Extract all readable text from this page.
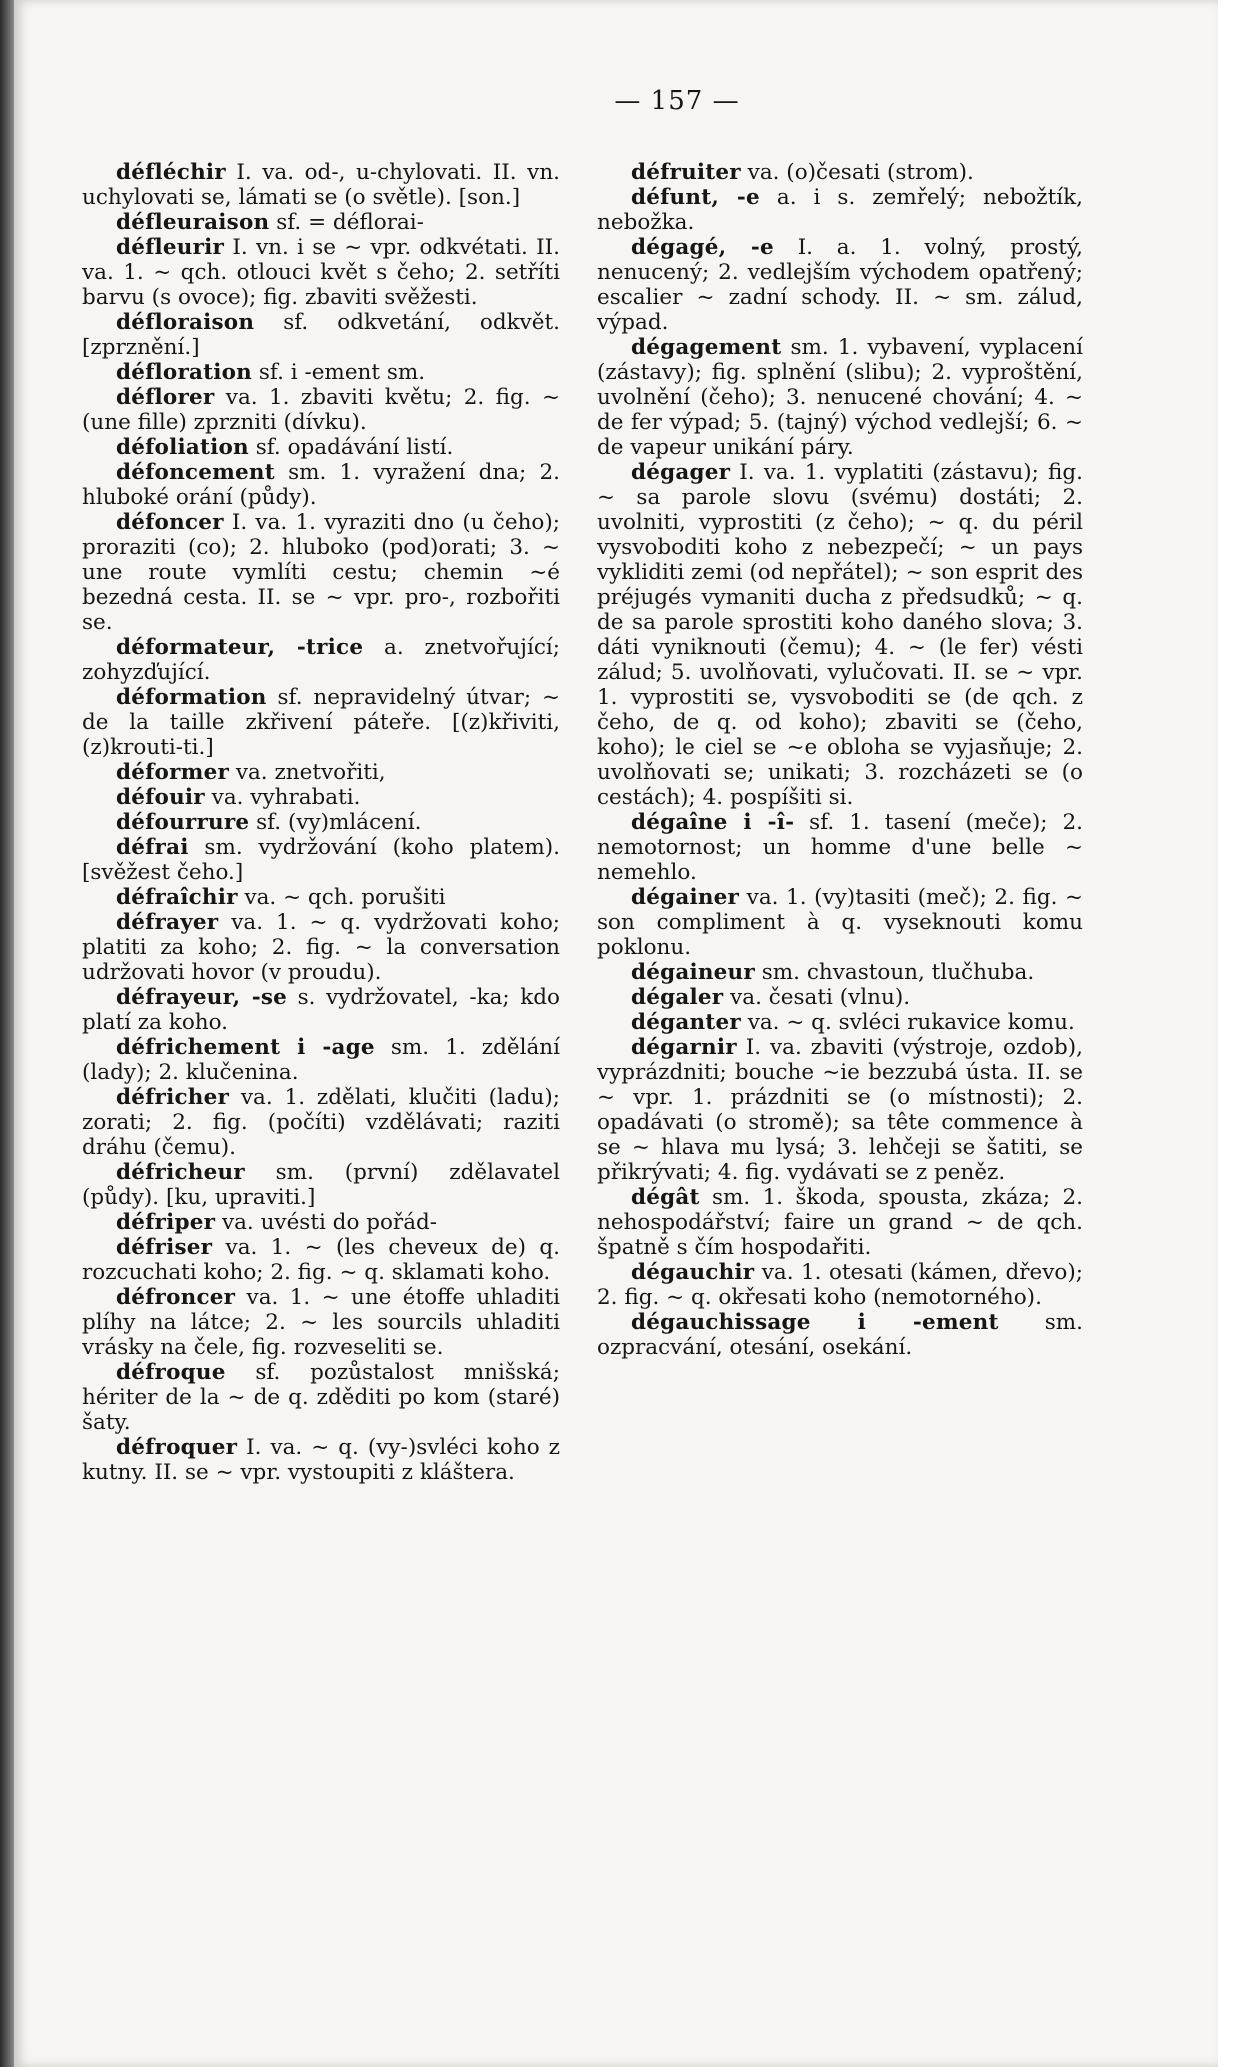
— 157 —

défléchir I. va. od-, u-chylovati. II. vn. uchylovati se, lámati se (o světle). [son.]

défleuraison sf. = déflorai-

défleurir I. vn. i se ~ vpr. odkvétati. II. va. 1. ~ qch. otlouci květ s čeho; 2. setříti barvu (s ovoce); fig. zbaviti svěžesti.

défloraison sf. odkvetání, odkvět. [zprznění.]

défloration sf. i -ement sm.

déflorer va. 1. zbaviti květu; 2. fig. ~ (une fille) zprzniti (dívku).

défoliation sf. opadávání listí.

défoncement sm. 1. vyražení dna; 2. hluboké orání (půdy).

défoncer I. va. 1. vyraziti dno (u čeho); proraziti (co); 2. hluboko (pod)orati; 3. ~ une route vymlíti cestu; chemin ~é bezedná cesta. II. se ~ vpr. pro-, rozbořiti se.

déformateur, -trice a. znetvořující; zohyzďující.

déformation sf. nepravidelný útvar; ~ de la taille zkřivení páteře. [(z)křiviti, (z)krouti-ti.]

déformer va. znetvořiti,

défouir va. vyhrabati.

défourrure sf. (vy)mlácení.

défrai sm. vydržování (koho platem). [svěžest čeho.]

défraîchir va. ~ qch. porušiti

défrayer va. 1. ~ q. vydržovati koho; platiti za koho; 2. fig. ~ la conversation udržovati hovor (v proudu).

défrayeur, -se s. vydržovatel, -ka; kdo platí za koho.

défrichement i -age sm. 1. zdělání (lady); 2. klučenina.

défricher va. 1. zdělati, klučiti (ladu); zorati; 2. fig. (počíti) vzdělávati; raziti dráhu (čemu).

défricheur sm. (první) zdělavatel (půdy). [ku, upraviti.]

défriper va. uvésti do pořád-

défriser va. 1. ~ (les cheveux de) q. rozcuchati koho; 2. fig. ~ q. sklamati koho.

défroncer va. 1. ~ une étoffe uhladiti plíhy na látce; 2. ~ les sourcils uhladiti vrásky na čele, fig. rozveseliti se.

défroque sf. pozůstalost mnišská; hériter de la ~ de q. zděditi po kom (staré) šaty.

défroquer I. va. ~ q. (vy-)svléci koho z kutny. II. se ~ vpr. vystoupiti z kláštera.

défruiter va. (o)česati (strom).

défunt, -e a. i s. zemřelý; nebožtík, nebožka.

dégagé, -e I. a. 1. volný, prostý, nenucený; 2. vedlejším východem opatřený; escalier ~ zadní schody. II. ~ sm. zálud, výpad.

dégagement sm. 1. vybavení, vyplacení (zástavy); fig. splnění (slibu); 2. vyproštění, uvolnění (čeho); 3. nenucené chování; 4. ~ de fer výpad; 5. (tajný) východ vedlejší; 6. ~ de vapeur unikání páry.

dégager I. va. 1. vyplatiti (zástavu); fig. ~ sa parole slovu (svému) dostáti; 2. uvolniti, vyprostiti (z čeho); ~ q. du péril vysvoboditi koho z nebezpečí; ~ un pays vykliditi zemi (od nepřátel); ~ son esprit des préjugés vymaniti ducha z předsudků; ~ q. de sa parole sprostiti koho daného slova; 3. dáti vyniknouti (čemu); 4. ~ (le fer) vésti zálud; 5. uvolňovati, vylučovati. II. se ~ vpr. 1. vyprostiti se, vysvoboditi se (de qch. z čeho, de q. od koho); zbaviti se (čeho, koho); le ciel se ~e obloha se vyjasňuje; 2. uvolňovati se; unikati; 3. rozcházeti se (o cestách); 4. pospíšiti si.

dégaîne i -î- sf. 1. tasení (meče); 2. nemotornost; un homme d'une belle ~ nemehlo.

dégainer va. 1. (vy)tasiti (meč); 2. fig. ~ son compliment à q. vyseknouti komu poklonu.

dégaineur sm. chvastoun, tlučhuba.

dégaler va. česati (vlnu).

déganter va. ~ q. svléci rukavice komu.

dégarnir I. va. zbaviti (výstroje, ozdob), vyprázdniti; bouche ~ie bezzubá ústa. II. se ~ vpr. 1. prázdniti se (o místnosti); 2. opadávati (o stromě); sa tête commence à se ~ hlava mu lysá; 3. lehčeji se šatiti, se přikrývati; 4. fig. vydávati se z peněz.

dégât sm. 1. škoda, spousta, zkáza; 2. nehospodářství; faire un grand ~ de qch. špatně s čím hospodařiti.

dégauchir va. 1. otesati (kámen, dřevo); 2. fig. ~ q. okřesati koho (nemotorného).

dégauchissage i -ement sm. ozpracvání, otesání, osekání.
